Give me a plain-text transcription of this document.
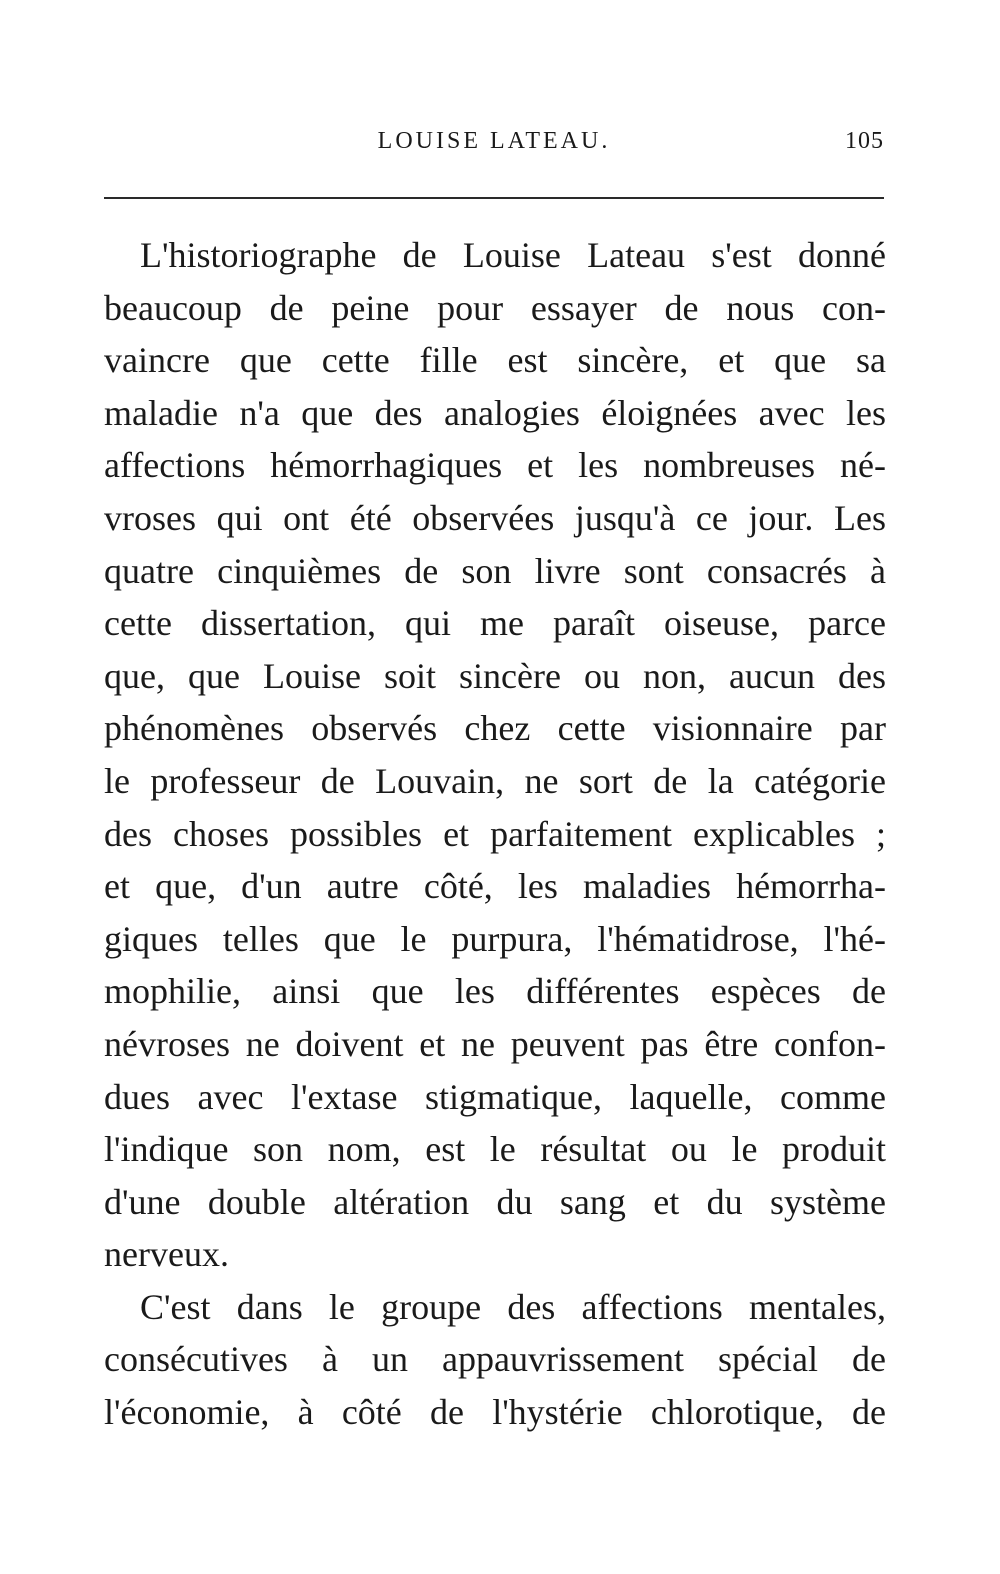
LOUISE LATEAU.	105
L'historiographe de Louise Lateau s'est donné
beaucoup de peine pour essayer de nous con-
vaincre que cette fille est sincère, et que sa
maladie n'a que des analogies éloignées avec les
affections hémorrhagiques et les nombreuses né-
vroses qui ont été observées jusqu'à ce jour. Les
quatre cinquièmes de son livre sont consacrés à
cette dissertation, qui me paraît oiseuse, parce
que, que Louise soit sincère ou non, aucun des
phénomènes observés chez cette visionnaire par
le professeur de Louvain, ne sort de la catégorie
des choses possibles et parfaitement explicables ;
et que, d'un autre côté, les maladies hémorrha-
giques telles que le purpura, l'hématidrose, l'hé-
mophilie, ainsi que les différentes espèces de
névroses ne doivent et ne peuvent pas être confon-
dues avec l'extase stigmatique, laquelle, comme
l'indique son nom, est le résultat ou le produit
d'une double altération du sang et du système
nerveux.
C'est dans le groupe des affections mentales,
consécutives à un appauvrissement spécial de
l'économie, à côté de l'hystérie chlorotique, de
